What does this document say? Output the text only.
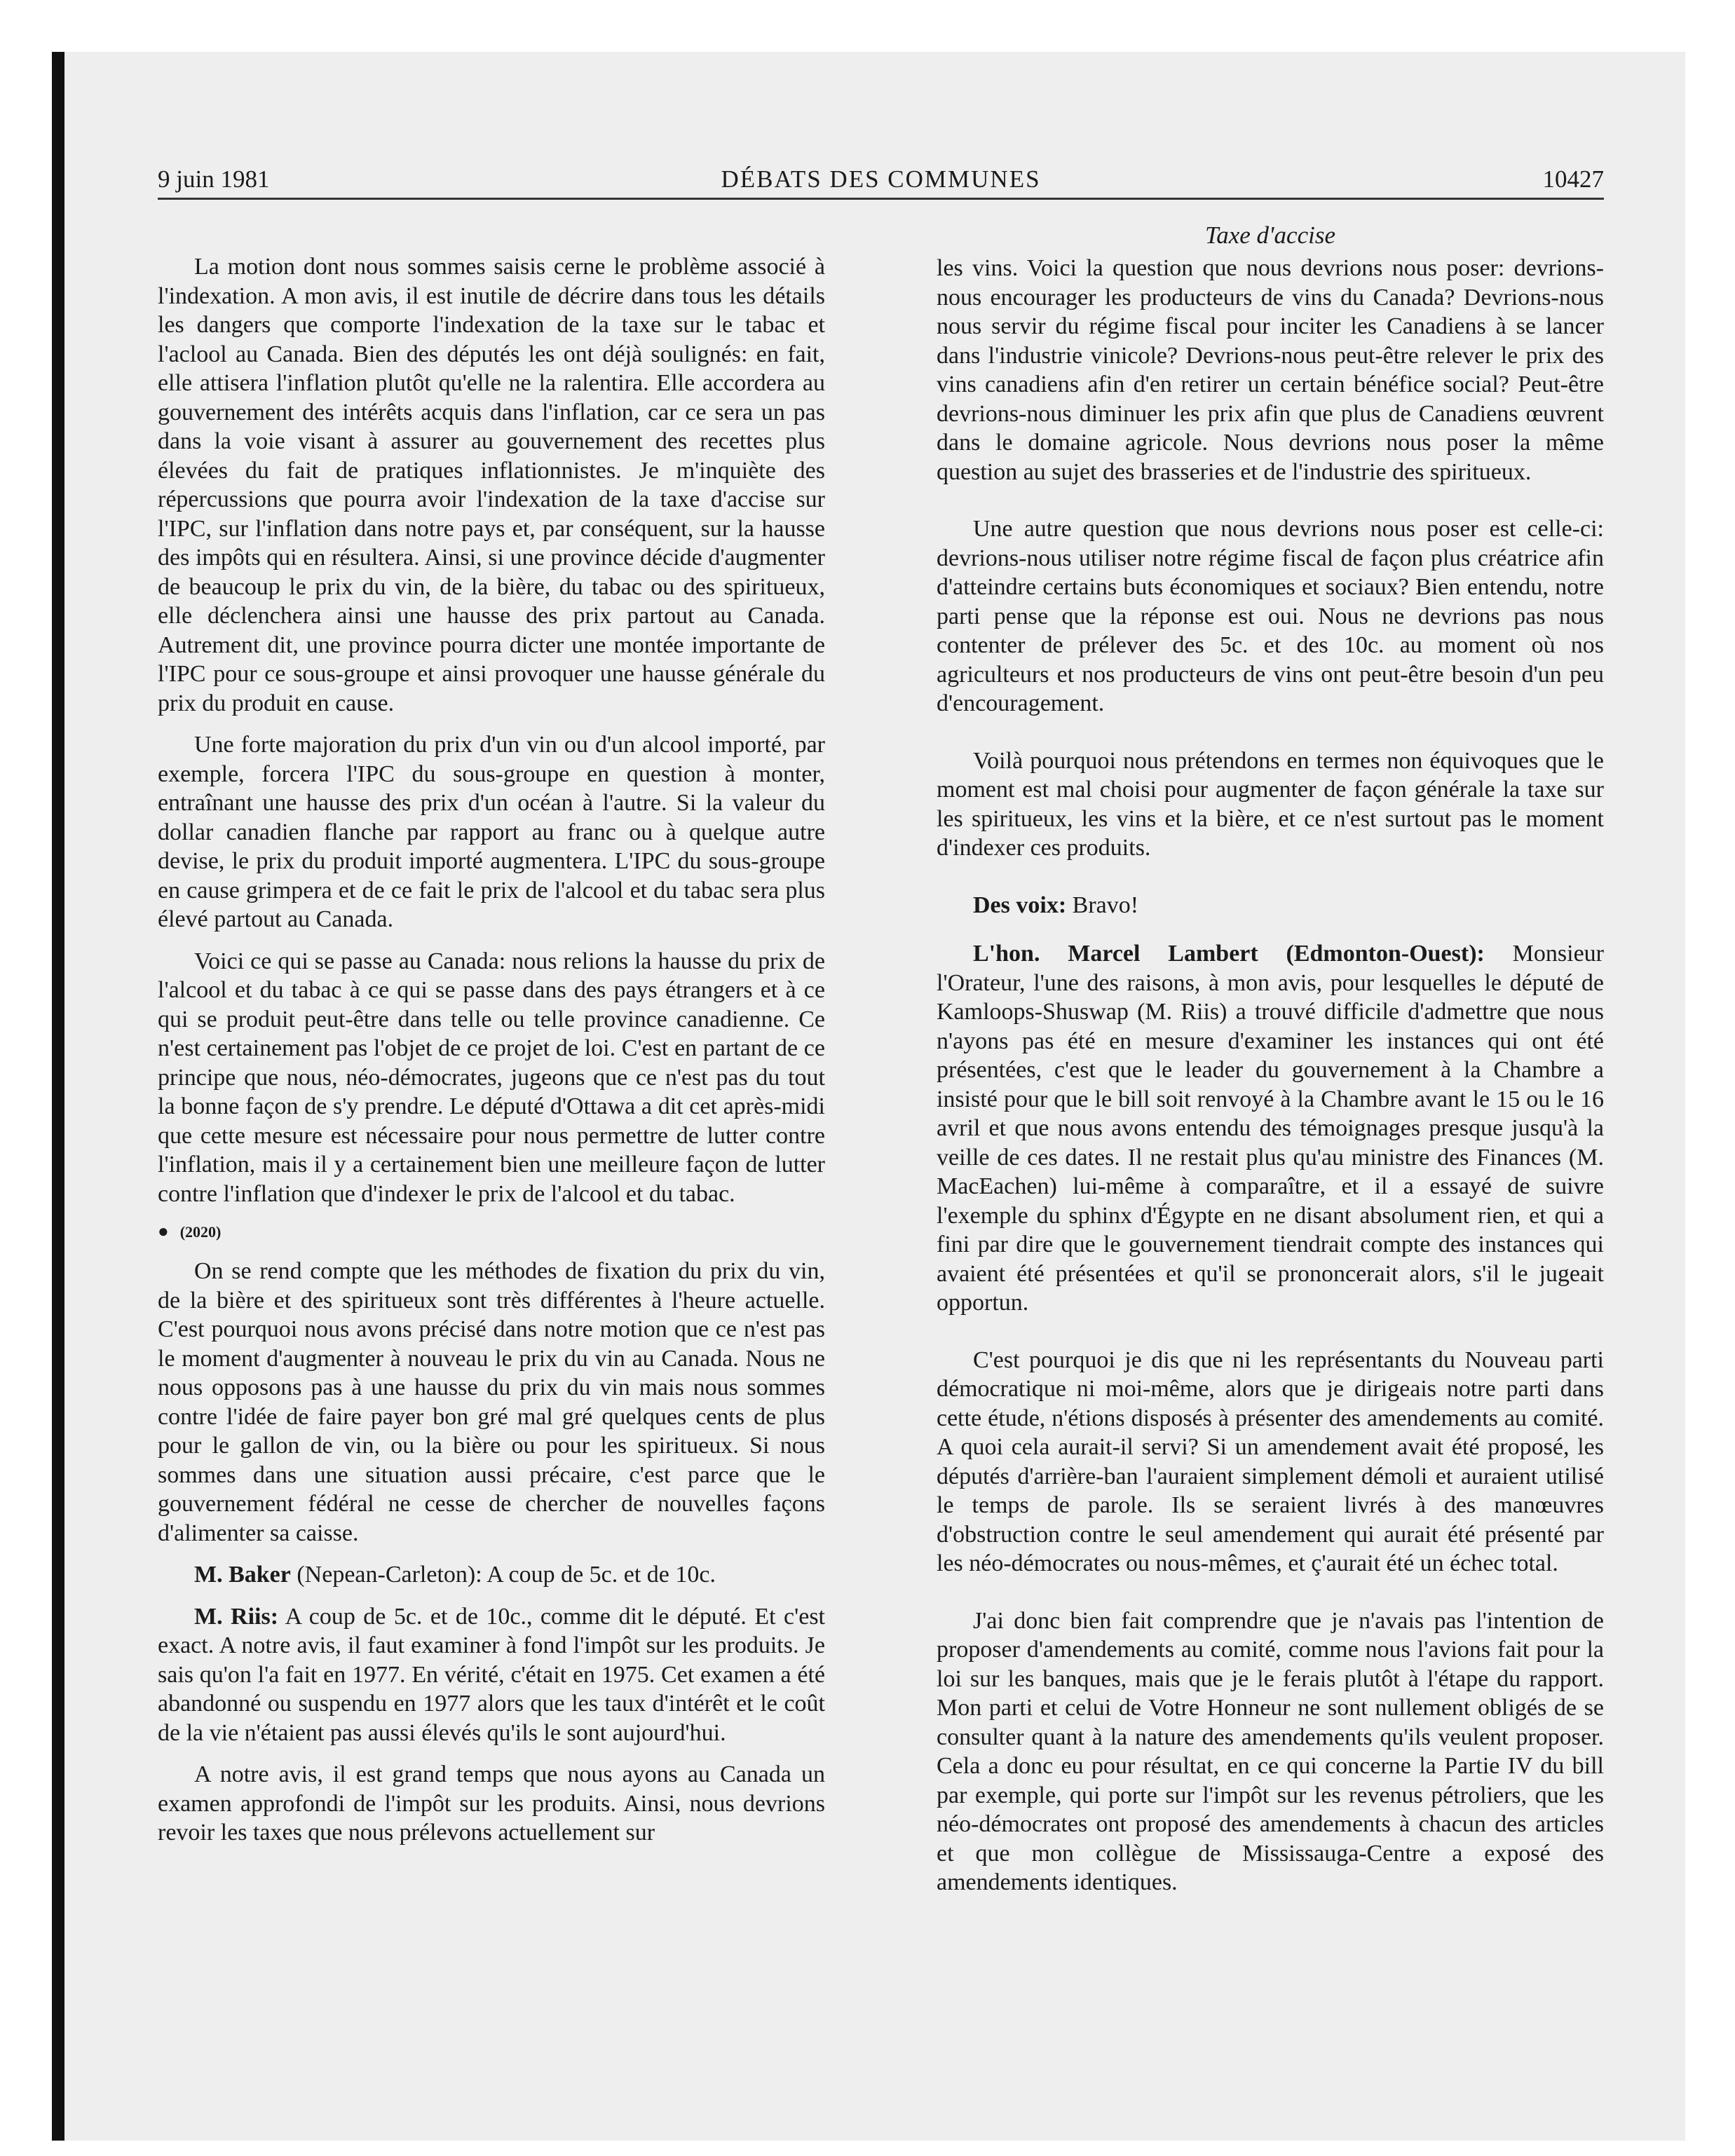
9 juin 1981	DÉBATS DES COMMUNES	10427
Taxe d'accise

La motion dont nous sommes saisis cerne le problème associé à l'indexation. A mon avis, il est inutile de décrire dans tous les détails les dangers que comporte l'indexation de la taxe sur le tabac et l'aclool au Canada. Bien des députés les ont déjà soulignés: en fait, elle attisera l'inflation plutôt qu'elle ne la ralentira. Elle accordera au gouvernement des intérêts acquis dans l'inflation, car ce sera un pas dans la voie visant à assurer au gouvernement des recettes plus élevées du fait de pratiques inflationnistes. Je m'inquiète des répercussions que pourra avoir l'indexation de la taxe d'accise sur l'IPC, sur l'inflation dans notre pays et, par conséquent, sur la hausse des impôts qui en résultera. Ainsi, si une province décide d'augmenter de beaucoup le prix du vin, de la bière, du tabac ou des spiritueux, elle déclenchera ainsi une hausse des prix partout au Canada. Autrement dit, une province pourra dicter une montée importante de l'IPC pour ce sous-groupe et ainsi provoquer une hausse générale du prix du produit en cause.

Une forte majoration du prix d'un vin ou d'un alcool importé, par exemple, forcera l'IPC du sous-groupe en question à monter, entraînant une hausse des prix d'un océan à l'autre. Si la valeur du dollar canadien flanche par rapport au franc ou à quelque autre devise, le prix du produit importé augmentera. L'IPC du sous-groupe en cause grimpera et de ce fait le prix de l'alcool et du tabac sera plus élevé partout au Canada.

Voici ce qui se passe au Canada: nous relions la hausse du prix de l'alcool et du tabac à ce qui se passe dans des pays étrangers et à ce qui se produit peut-être dans telle ou telle province canadienne. Ce n'est certainement pas l'objet de ce projet de loi. C'est en partant de ce principe que nous, néo-démocrates, jugeons que ce n'est pas du tout la bonne façon de s'y prendre. Le député d'Ottawa a dit cet après-midi que cette mesure est nécessaire pour nous permettre de lutter contre l'inflation, mais il y a certainement bien une meilleure façon de lutter contre l'inflation que d'indexer le prix de l'alcool et du tabac.

● (2020)

On se rend compte que les méthodes de fixation du prix du vin, de la bière et des spiritueux sont très différentes à l'heure actuelle. C'est pourquoi nous avons précisé dans notre motion que ce n'est pas le moment d'augmenter à nouveau le prix du vin au Canada. Nous ne nous opposons pas à une hausse du prix du vin mais nous sommes contre l'idée de faire payer bon gré mal gré quelques cents de plus pour le gallon de vin, ou la bière ou pour les spiritueux. Si nous sommes dans une situation aussi précaire, c'est parce que le gouvernement fédéral ne cesse de chercher de nouvelles façons d'alimenter sa caisse.

M. Baker (Nepean-Carleton): A coup de 5c. et de 10c.

M. Riis: A coup de 5c. et de 10c., comme dit le député. Et c'est exact. A notre avis, il faut examiner à fond l'impôt sur les produits. Je sais qu'on l'a fait en 1977. En vérité, c'était en 1975. Cet examen a été abandonné ou suspendu en 1977 alors que les taux d'intérêt et le coût de la vie n'étaient pas aussi élevés qu'ils le sont aujourd'hui.

A notre avis, il est grand temps que nous ayons au Canada un examen approfondi de l'impôt sur les produits. Ainsi, nous devrions revoir les taxes que nous prélevons actuellement sur

les vins. Voici la question que nous devrions nous poser: devrions-nous encourager les producteurs de vins du Canada? Devrions-nous nous servir du régime fiscal pour inciter les Canadiens à se lancer dans l'industrie vinicole? Devrions-nous peut-être relever le prix des vins canadiens afin d'en retirer un certain bénéfice social? Peut-être devrions-nous diminuer les prix afin que plus de Canadiens œuvrent dans le domaine agricole. Nous devrions nous poser la même question au sujet des brasseries et de l'industrie des spiritueux.

Une autre question que nous devrions nous poser est celle-ci: devrions-nous utiliser notre régime fiscal de façon plus créatrice afin d'atteindre certains buts économiques et sociaux? Bien entendu, notre parti pense que la réponse est oui. Nous ne devrions pas nous contenter de prélever des 5c. et des 10c. au moment où nos agriculteurs et nos producteurs de vins ont peut-être besoin d'un peu d'encouragement.

Voilà pourquoi nous prétendons en termes non équivoques que le moment est mal choisi pour augmenter de façon générale la taxe sur les spiritueux, les vins et la bière, et ce n'est surtout pas le moment d'indexer ces produits.

Des voix: Bravo!

L'hon. Marcel Lambert (Edmonton-Ouest): Monsieur l'Orateur, l'une des raisons, à mon avis, pour lesquelles le député de Kamloops-Shuswap (M. Riis) a trouvé difficile d'admettre que nous n'ayons pas été en mesure d'examiner les instances qui ont été présentées, c'est que le leader du gouvernement à la Chambre a insisté pour que le bill soit renvoyé à la Chambre avant le 15 ou le 16 avril et que nous avons entendu des témoignages presque jusqu'à la veille de ces dates. Il ne restait plus qu'au ministre des Finances (M. MacEachen) lui-même à comparaître, et il a essayé de suivre l'exemple du sphinx d'Égypte en ne disant absolument rien, et qui a fini par dire que le gouvernement tiendrait compte des instances qui avaient été présentées et qu'il se prononcerait alors, s'il le jugeait opportun.

C'est pourquoi je dis que ni les représentants du Nouveau parti démocratique ni moi-même, alors que je dirigeais notre parti dans cette étude, n'étions disposés à présenter des amendements au comité. A quoi cela aurait-il servi? Si un amendement avait été proposé, les députés d'arrière-ban l'auraient simplement démoli et auraient utilisé le temps de parole. Ils se seraient livrés à des manœuvres d'obstruction contre le seul amendement qui aurait été présenté par les néo-démocrates ou nous-mêmes, et ç'aurait été un échec total.

J'ai donc bien fait comprendre que je n'avais pas l'intention de proposer d'amendements au comité, comme nous l'avions fait pour la loi sur les banques, mais que je le ferais plutôt à l'étape du rapport. Mon parti et celui de Votre Honneur ne sont nullement obligés de se consulter quant à la nature des amendements qu'ils veulent proposer. Cela a donc eu pour résultat, en ce qui concerne la Partie IV du bill par exemple, qui porte sur l'impôt sur les revenus pétroliers, que les néo-démocrates ont proposé des amendements à chacun des articles et que mon collègue de Mississauga-Centre a exposé des amendements identiques.
